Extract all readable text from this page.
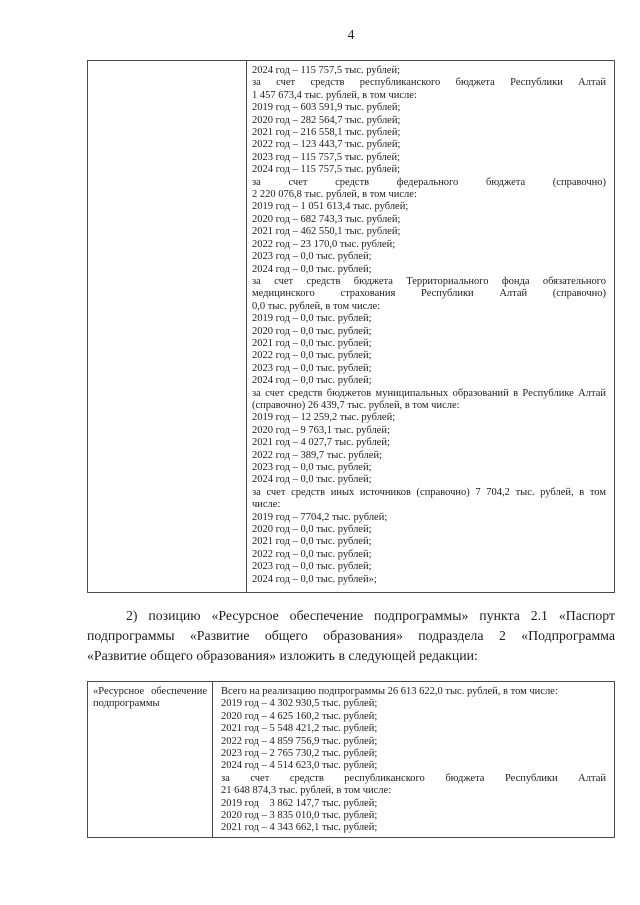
4
2024 год – 115 757,5 тыс. рублей;
за счет средств республиканского бюджета Республики Алтай
1 457 673,4 тыс. рублей, в том числе:
2019 год – 603 591,9 тыс. рублей;
2020 год – 282 564,7 тыс. рублей;
2021 год – 216 558,1 тыс. рублей;
2022 год – 123 443,7 тыс. рублей;
2023 год – 115 757,5 тыс. рублей;
2024 год – 115 757,5 тыс. рублей;
за счет средств федерального бюджета (справочно)
2 220 076,8 тыс. рублей, в том числе:
2019 год – 1 051 613,4 тыс. рублей;
2020 год – 682 743,3 тыс. рублей;
2021 год – 462 550,1 тыс. рублей;
2022 год – 23 170,0 тыс. рублей;
2023 год – 0,0 тыс. рублей;
2024 год – 0,0 тыс. рублей;
за счет средств бюджета Территориального фонда обязательного
медицинского страхования Республики Алтай (справочно)
0,0 тыс. рублей, в том числе:
2019 год – 0,0 тыс. рублей;
2020 год – 0,0 тыс. рублей;
2021 год – 0,0 тыс. рублей;
2022 год – 0,0 тыс. рублей;
2023 год – 0,0 тыс. рублей;
2024 год – 0,0 тыс. рублей;
за счет средств бюджетов муниципальных образований в Республике Алтай
(справочно) 26 439,7 тыс. рублей, в том числе:
2019 год – 12 259,2 тыс. рублей;
2020 год – 9 763,1 тыс. рублей;
2021 год – 4 027,7 тыс. рублей;
2022 год – 389,7 тыс. рублей;
2023 год – 0,0 тыс. рублей;
2024 год – 0,0 тыс. рублей;
за счет средств иных источников (справочно) 7 704,2 тыс. рублей, в том
числе:
2019 год – 7704,2 тыс. рублей;
2020 год – 0,0 тыс. рублей;
2021 год – 0,0 тыс. рублей;
2022 год – 0,0 тыс. рублей;
2023 год – 0,0 тыс. рублей;
2024 год – 0,0 тыс. рублей»;
2) позицию «Ресурсное обеспечение подпрограммы» пункта 2.1 «Паспорт
подпрограммы «Развитие общего образования» подраздела 2 «Подпрограмма
«Развитие общего образования» изложить в следующей редакции:
«Ресурсное обеспечение
подпрограммы
Всего на реализацию подпрограммы 26 613 622,0 тыс. рублей, в том числе:
2019 год – 4 302 930,5 тыс. рублей;
2020 год – 4 625 160,2 тыс. рублей;
2021 год – 5 548 421,2 тыс. рублей;
2022 год – 4 859 756,9 тыс. рублей;
2023 год – 2 765 730,2 тыс. рублей;
2024 год – 4 514 623,0 тыс. рублей;
за счет средств республиканского бюджета Республики Алтай
21 648 874,3 тыс. рублей, в том числе:
2019 год    3 862 147,7 тыс. рублей;
2020 год – 3 835 010,0 тыс. рублей;
2021 год – 4 343 662,1 тыс. рублей;
